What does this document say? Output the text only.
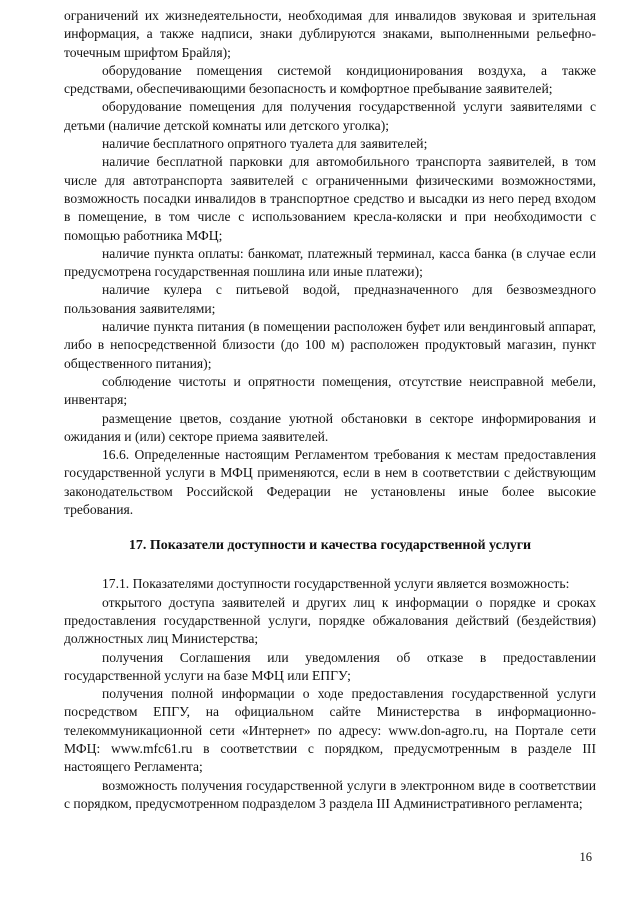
ограничений их жизнедеятельности, необходимая для инвалидов звуковая и зрительная информация, а также надписи, знаки дублируются знаками, выполненными рельефно-точечным шрифтом Брайля);

оборудование помещения системой кондиционирования воздуха, а также средствами, обеспечивающими безопасность и комфортное пребывание заявителей;

оборудование помещения для получения государственной услуги заявителями с детьми (наличие детской комнаты или детского уголка);

наличие бесплатного опрятного туалета для заявителей;

наличие бесплатной парковки для автомобильного транспорта заявителей, в том числе для автотранспорта заявителей с ограниченными физическими возможностями, возможность посадки инвалидов в транспортное средство и высадки из него перед входом в помещение, в том числе с использованием кресла-коляски и при необходимости с помощью работника МФЦ;

наличие пункта оплаты: банкомат, платежный терминал, касса банка (в случае если предусмотрена государственная пошлина или иные платежи);

наличие кулера с питьевой водой, предназначенного для безвозмездного пользования заявителями;

наличие пункта питания (в помещении расположен буфет или вендинговый аппарат, либо в непосредственной близости (до 100 м) расположен продуктовый магазин, пункт общественного питания);

соблюдение чистоты и опрятности помещения, отсутствие неисправной мебели, инвентаря;

размещение цветов, создание уютной обстановки в секторе информирования и ожидания и (или) секторе приема заявителей.

16.6. Определенные настоящим Регламентом требования к местам предоставления государственной услуги в МФЦ применяются, если в нем в соответствии с действующим законодательством Российской Федерации не установлены иные более высокие требования.

17. Показатели доступности и качества государственной услуги

17.1. Показателями доступности государственной услуги является возможность:

открытого доступа заявителей и других лиц к информации о порядке и сроках предоставления государственной услуги, порядке обжалования действий (бездействия) должностных лиц Министерства;

получения Соглашения или уведомления об отказе в предоставлении государственной услуги на базе МФЦ или ЕПГУ;

получения полной информации о ходе предоставления государственной услуги посредством ЕПГУ, на официальном сайте Министерства в информационно-телекоммуникационной сети «Интернет» по адресу: www.don-agro.ru, на Портале сети МФЦ: www.mfc61.ru в соответствии с порядком, предусмотренным в разделе III настоящего Регламента;

возможность получения государственной услуги в электронном виде в соответствии с порядком, предусмотренном подразделом 3 раздела III Административного регламента;

16
